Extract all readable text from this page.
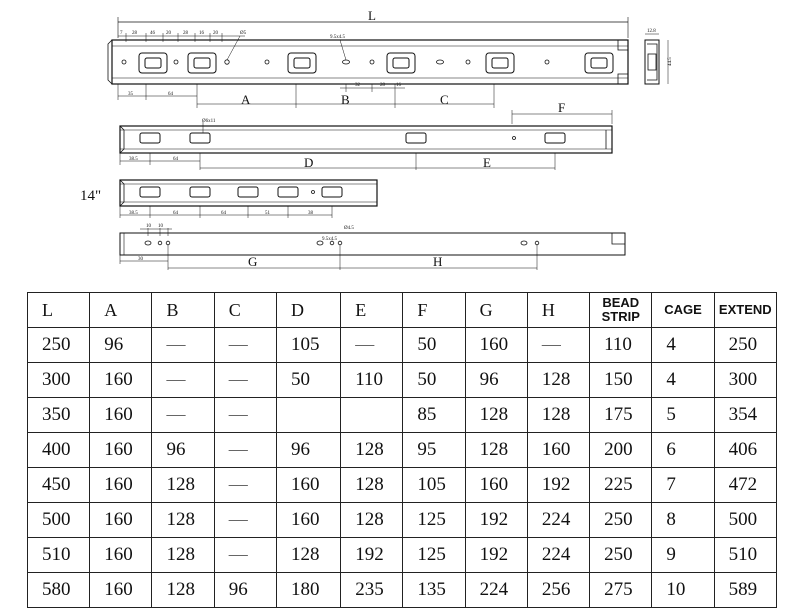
L
A	B	C
F
D	E
G	H
14"
7 28	46 20 28 16 20	Ø5
9.5x4.5
32	28 16
35	64
12.8
44.5
Ø6x11
38.5	64
38.5	64	64	51	38
10 10
9.5x4.5
Ø4.5
30
L	A	B	C	D	E	F	G	H	BEAD STRIP	CAGE	EXTEND
250	96	—	—	105	—	50	160	—	110	4	250
300	160	—	—	50	110	50	96	128	150	4	300
350	160	—	—			85	128	128	175	5	354
400	160	96	—	96	128	95	128	160	200	6	406
450	160	128	—	160	128	105	160	192	225	7	472
500	160	128	—	160	128	125	192	224	250	8	500
510	160	128	—	128	192	125	192	224	250	9	510
580	160	128	96	180	235	135	224	256	275	10	589
